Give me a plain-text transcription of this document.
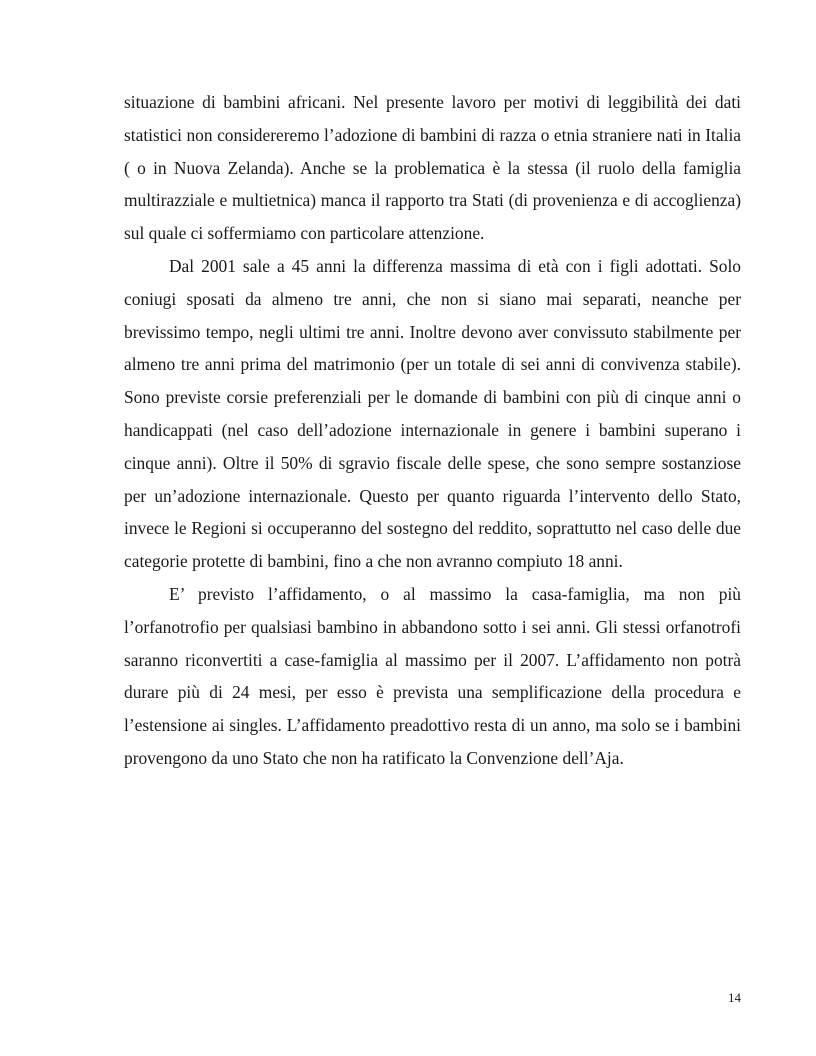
situazione di bambini africani. Nel presente lavoro per motivi di leggibilità dei dati statistici non considereremo l’adozione di bambini di razza o etnia straniere nati in Italia ( o in Nuova Zelanda). Anche se la problematica è la stessa (il ruolo della famiglia multirazziale e multietnica) manca il rapporto tra Stati (di provenienza e di accoglienza) sul quale ci soffermiamo con particolare attenzione.

Dal 2001 sale a 45 anni la differenza massima di età con i figli adottati. Solo coniugi sposati da almeno tre anni, che non si siano mai separati, neanche per brevissimo tempo, negli ultimi tre anni. Inoltre devono aver convissuto stabilmente per almeno tre anni prima del matrimonio (per un totale di sei anni di convivenza stabile). Sono previste corsie preferenziali per le domande di bambini con più di cinque anni o handicappati (nel caso dell’adozione internazionale in genere i bambini superano i cinque anni). Oltre il 50% di sgravio fiscale delle spese, che sono sempre sostanziose per un’adozione internazionale. Questo per quanto riguarda l’intervento dello Stato, invece le Regioni si occuperanno del sostegno del reddito, soprattutto nel caso delle due categorie protette di bambini, fino a che non avranno compiuto 18 anni.

E’ previsto l’affidamento, o al massimo la casa-famiglia, ma non più l’orfanotrofio per qualsiasi bambino in abbandono sotto i sei anni. Gli stessi orfanotrofi saranno riconvertiti a case-famiglia al massimo per il 2007. L’affidamento non potrà durare più di 24 mesi, per esso è prevista una semplificazione della procedura e l’estensione ai singles. L’affidamento preadottivo resta di un anno, ma solo se i bambini provengono da uno Stato che non ha ratificato la Convenzione dell’Aja.

14
